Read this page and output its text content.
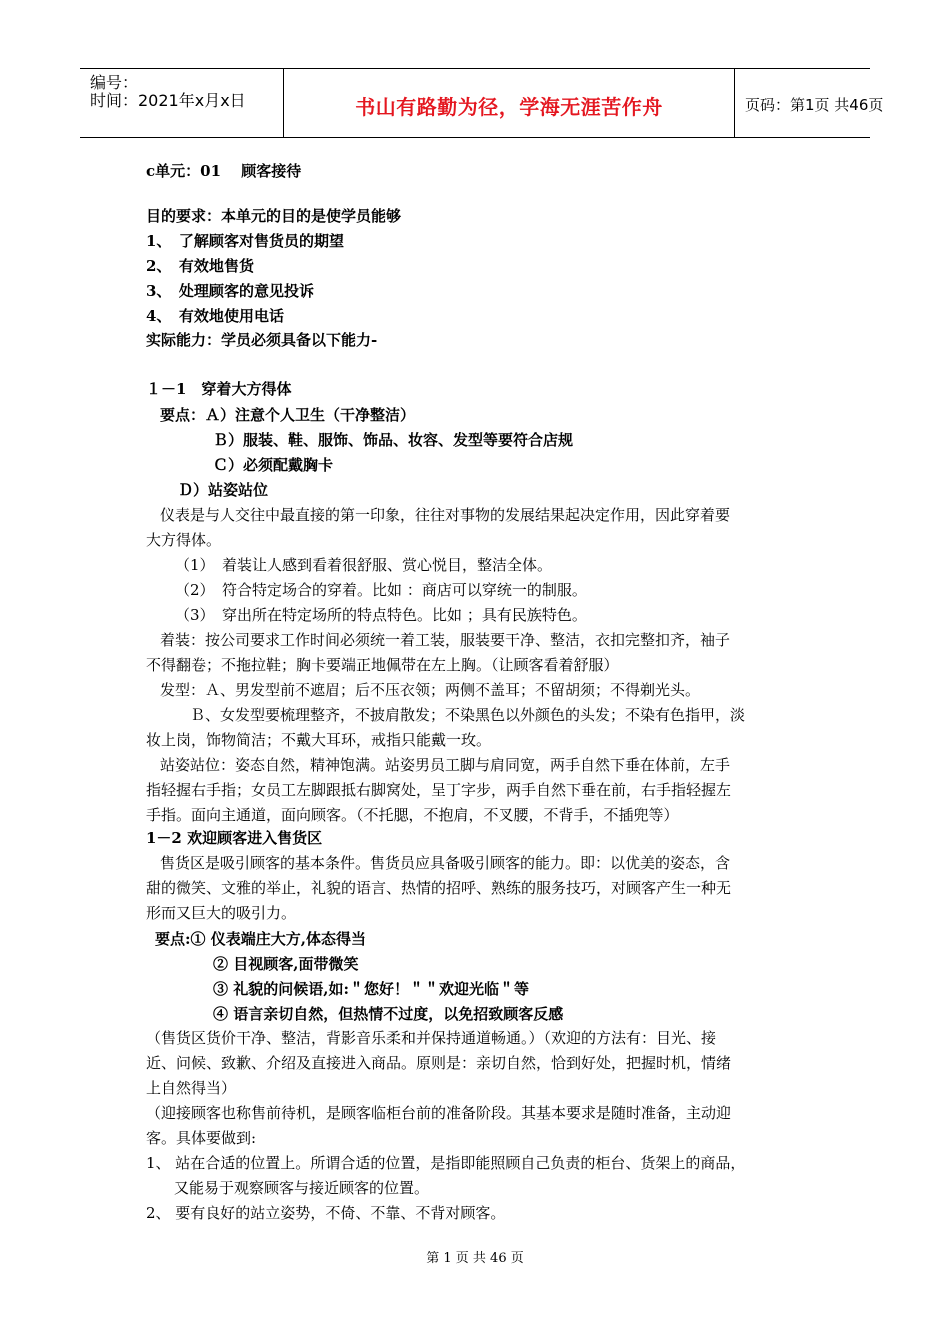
编号：
时间：2021年x月x日	书山有路勤为径，学海无涯苦作舟	页码：第1页 共46页
c单元：01　 顾客接待
目的要求：本单元的目的是使学员能够
1、　了解顾客对售货员的期望
2、　有效地售货
3、　处理顾客的意见投诉
4、　有效地使用电话
实际能力：学员必须具备以下能力-
１－1　穿着大方得体
要点：Ａ）注意个人卫生（干净整洁）
Ｂ）服装、鞋、服饰、饰品、妆容、发型等要符合店规
Ｃ）必须配戴胸卡
Ｄ）站姿站位
仪表是与人交往中最直接的第一印象，往往对事物的发展结果起决定作用，因此穿着要
大方得体。
（1）　着装让人感到看着很舒服、赏心悦目，整洁全体。
（2）　符合特定场合的穿着。比如 ：商店可以穿统一的制服。
（3）　穿出所在特定场所的特点特色。比如 ；具有民族特色。
着装：按公司要求工作时间必须统一着工装，服装要干净、整洁，衣扣完整扣齐，袖子
不得翻卷；不拖拉鞋；胸卡要端正地佩带在左上胸。（让顾客看着舒服）
发型：Ａ、男发型前不遮眉；后不压衣领；两侧不盖耳；不留胡须；不得剃光头。
Ｂ、女发型要梳理整齐，不披肩散发；不染黑色以外颜色的头发；不染有色指甲，淡
妆上岗，饰物简洁；不戴大耳环，戒指只能戴一玫。
站姿站位：姿态自然，精神饱满。站姿男员工脚与肩同宽，两手自然下垂在体前，左手
指轻握右手指；女员工左脚跟抵右脚窝处，呈丁字步，两手自然下垂在前，右手指轻握左
手指。面向主通道，面向顾客。（不托腮，不抱肩，不叉腰，不背手，不插兜等）
1－2 欢迎顾客进入售货区
售货区是吸引顾客的基本条件。售货员应具备吸引顾客的能力。即：以优美的姿态，含
甜的微笑、文雅的举止，礼貌的语言、热情的招呼、熟练的服务技巧，对顾客产生一种无
形而又巨大的吸引力。
要点:① 仪表端庄大方,体态得当
② 目视顾客,面带微笑
③ 礼貌的问候语,如:＂您好！＂＂欢迎光临＂等
④ 语言亲切自然，但热情不过度，以免招致顾客反感
（售货区货价干净、整洁，背影音乐柔和并保持通道畅通。）（欢迎的方法有：目光、接
近、问候、致歉、介绍及直接进入商品。原则是：亲切自然，恰到好处，把握时机，情绪
上自然得当）
（迎接顾客也称售前待机，是顾客临柜台前的准备阶段。其基本要求是随时准备，主动迎
客。具体要做到:
1、 站在合适的位置上。所谓合适的位置，是指即能照顾自己负责的柜台、货架上的商品，
又能易于观察顾客与接近顾客的位置。
2、 要有良好的站立姿势，不倚、不靠、不背对顾客。
第 1 页 共 46 页
